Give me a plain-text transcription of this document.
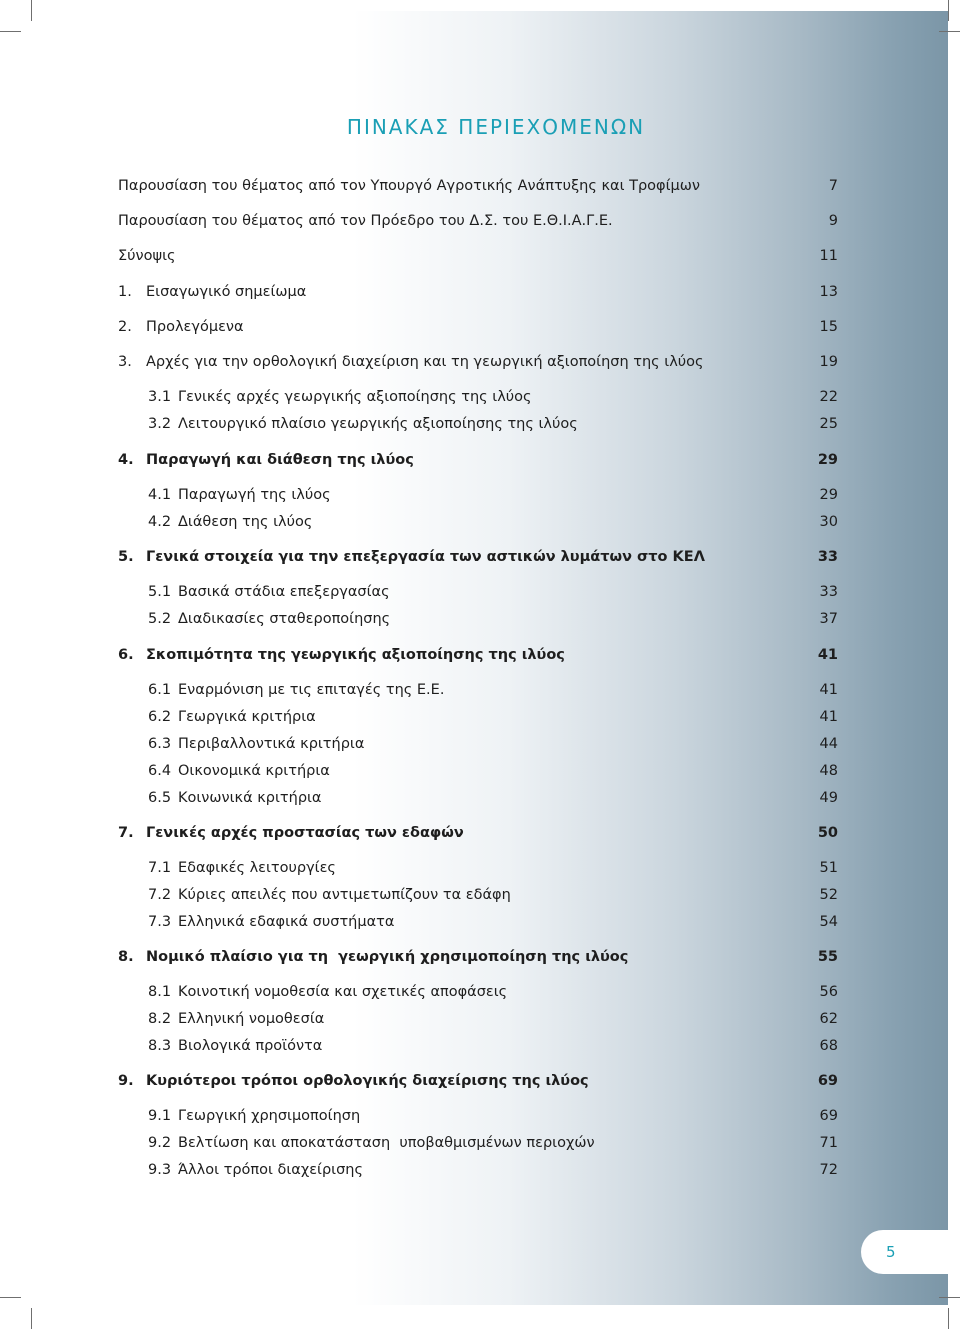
ΠΙΝΑΚΑΣ ΠΕΡΙΕΧΟΜΕΝΩΝ
Παρουσίαση του θέματος από τον Υπουργό Αγροτικής Ανάπτυξης και Τροφίμων	7
Παρουσίαση του θέματος από τον Πρόεδρο του Δ.Σ. του Ε.Θ.Ι.Α.Γ.Ε.	9
Σύνοψις	11
1. Εισαγωγικό σημείωμα	13
2. Προλεγόμενα	15
3. Αρχές για την ορθολογική διαχείριση και τη γεωργική αξιοποίηση της ιλύος	19
3.1 Γενικές αρχές γεωργικής αξιοποίησης της ιλύος	22
3.2 Λειτουργικό πλαίσιο γεωργικής αξιοποίησης της ιλύος	25
4. Παραγωγή και διάθεση της ιλύος	29
4.1 Παραγωγή της ιλύος	29
4.2 Διάθεση της ιλύος	30
5. Γενικά στοιχεία για την επεξεργασία των αστικών λυμάτων στο ΚΕΛ	33
5.1 Βασικά στάδια επεξεργασίας	33
5.2 Διαδικασίες σταθεροποίησης	37
6. Σκοπιμότητα της γεωργικής αξιοποίησης της ιλύος	41
6.1 Εναρμόνιση με τις επιταγές της Ε.Ε.	41
6.2 Γεωργικά κριτήρια	41
6.3 Περιβαλλοντικά κριτήρια	44
6.4 Οικονομικά κριτήρια	48
6.5 Κοινωνικά κριτήρια	49
7. Γενικές αρχές προστασίας των εδαφών	50
7.1 Εδαφικές λειτουργίες	51
7.2 Κύριες απειλές που αντιμετωπίζουν τα εδάφη	52
7.3 Ελληνικά εδαφικά συστήματα	54
8. Νομικό πλαίσιο για τη  γεωργική χρησιμοποίηση της ιλύος	55
8.1 Κοινοτική νομοθεσία και σχετικές αποφάσεις	56
8.2 Ελληνική νομοθεσία	62
8.3 Βιολογικά προϊόντα	68
9. Κυριότεροι τρόποι ορθολογικής διαχείρισης της ιλύος	69
9.1 Γεωργική χρησιμοποίηση	69
9.2 Βελτίωση και αποκατάσταση  υποβαθμισμένων περιοχών	71
9.3 Άλλοι τρόποι διαχείρισης	72
5
